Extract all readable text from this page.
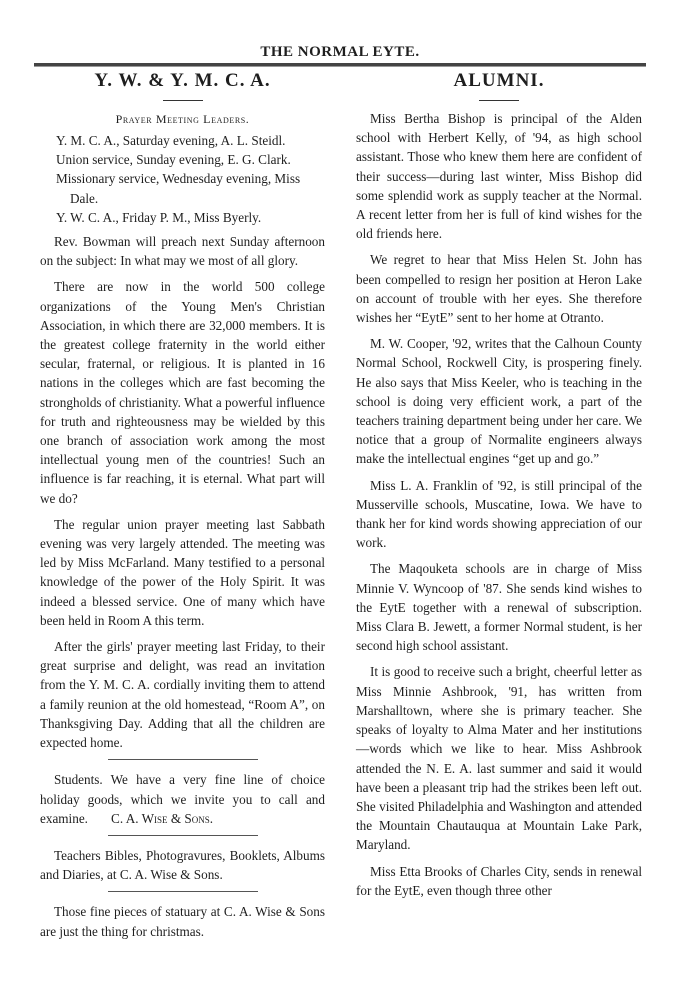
THE NORMAL EYTE.
Y. W. & Y. M. C. A.
Prayer Meeting Leaders.

Y. M. C. A., Saturday evening, A. L. Steidl.

Union service, Sunday evening, E. G. Clark.

Missionary service, Wednesday evening, Miss Dale.

Y. W. C. A., Friday P. M., Miss Byerly.

Rev. Bowman will preach next Sunday afternoon on the subject: In what may we most of all glory.

There are now in the world 500 college organizations of the Young Men's Christian Association, in which there are 32,000 members. It is the greatest college fraternity in the world either secular, fraternal, or religious. It is planted in 16 nations in the colleges which are fast becoming the strongholds of christianity. What a powerful influence for truth and righteousness may be wielded by this one branch of association work among the most intellectual young men of the countries! Such an influence is far reaching, it is eternal. What part will we do?

The regular union prayer meeting last Sabbath evening was very largely attended. The meeting was led by Miss McFarland. Many testified to a personal knowledge of the power of the Holy Spirit. It was indeed a blessed service. One of many which have been held in Room A this term.

After the girls' prayer meeting last Friday, to their great surprise and delight, was read an invitation from the Y. M. C. A. cordially inviting them to attend a family reunion at the old homestead, “Room A”, on Thanksgiving Day. Adding that all the children are expected home.

Students. We have a very fine line of choice holiday goods, which we invite you to call and examine. C. A. Wise & Sons.

Teachers Bibles, Photogravures, Booklets, Albums and Diaries, at C. A. Wise & Sons.

Those fine pieces of statuary at C. A. Wise & Sons are just the thing for christmas.

ALUMNI.

Miss Bertha Bishop is principal of the Alden school with Herbert Kelly, of '94, as high school assistant. Those who knew them here are confident of their success—during last winter, Miss Bishop did some splendid work as supply teacher at the Normal. A recent letter from her is full of kind wishes for the old friends here.

We regret to hear that Miss Helen St. John has been compelled to resign her position at Heron Lake on account of trouble with her eyes. She therefore wishes her “EytE” sent to her home at Otranto.

M. W. Cooper, '92, writes that the Calhoun County Normal School, Rockwell City, is prospering finely. He also says that Miss Keeler, who is teaching in the school is doing very efficient work, a part of the teachers training department being under her care. We notice that a group of Normalite engineers always make the intellectual engines “get up and go.”

Miss L. A. Franklin of '92, is still principal of the Musserville schools, Muscatine, Iowa. We have to thank her for kind words showing appreciation of our work.

The Maqouketa schools are in charge of Miss Minnie V. Wyncoop of '87. She sends kind wishes to the EytE together with a renewal of subscription. Miss Clara B. Jewett, a former Normal student, is her second high school assistant.

It is good to receive such a bright, cheerful letter as Miss Minnie Ashbrook, '91, has written from Marshalltown, where she is primary teacher. She speaks of loyalty to Alma Mater and her institutions—words which we like to hear. Miss Ashbrook attended the N. E. A. last summer and said it would have been a pleasant trip had the strikes been left out. She visited Philadelphia and Washington and attended the Mountain Chautauqua at Mountain Lake Park, Maryland.

Miss Etta Brooks of Charles City, sends in renewal for the EytE, even though three other
